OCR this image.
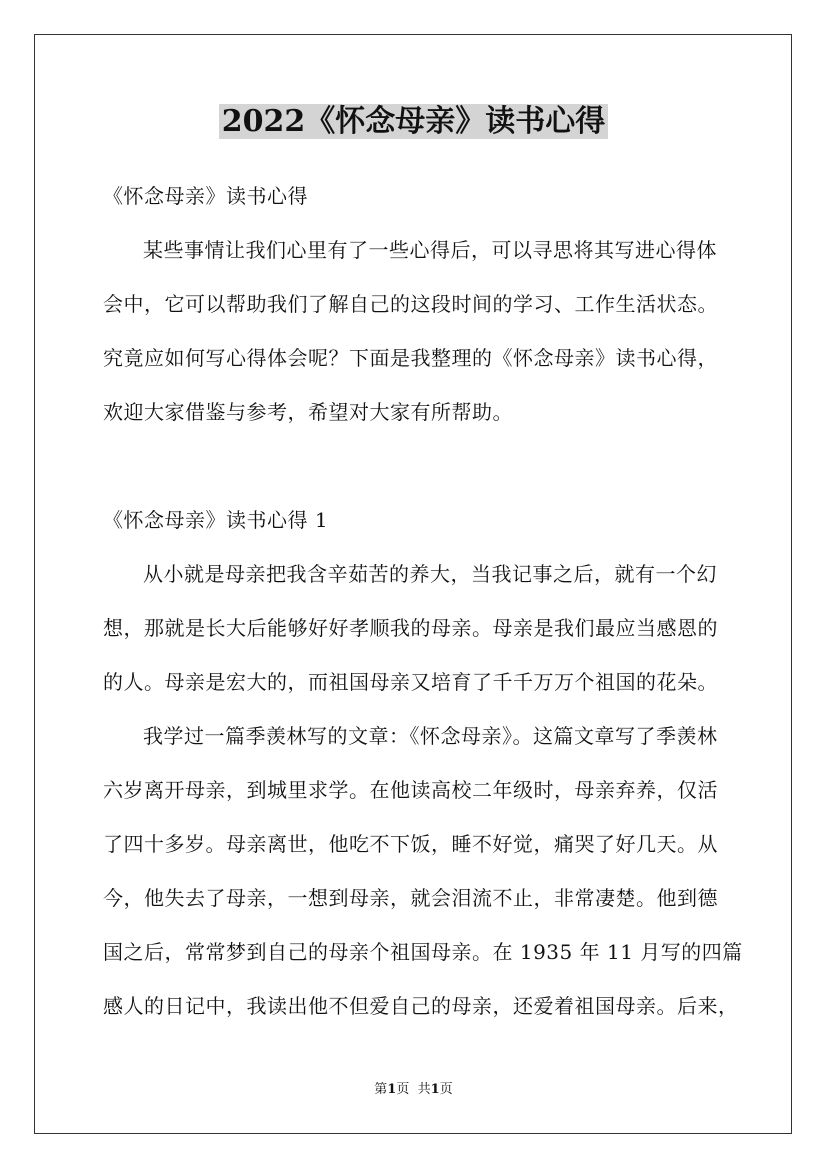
2022《怀念母亲》读书心得
《怀念母亲》读书心得
某些事情让我们心里有了一些心得后，可以寻思将其写进心得体
会中，它可以帮助我们了解自己的这段时间的学习、工作生活状态。
究竟应如何写心得体会呢？下面是我整理的《怀念母亲》读书心得，
欢迎大家借鉴与参考，希望对大家有所帮助。
《怀念母亲》读书心得 1
从小就是母亲把我含辛茹苦的养大，当我记事之后，就有一个幻
想，那就是长大后能够好好孝顺我的母亲。母亲是我们最应当感恩的
的人。母亲是宏大的，而祖国母亲又培育了千千万万个祖国的花朵。
我学过一篇季羡林写的文章：《怀念母亲》。这篇文章写了季羡林
六岁离开母亲，到城里求学。在他读高校二年级时，母亲弃养，仅活
了四十多岁。母亲离世，他吃不下饭，睡不好觉，痛哭了好几天。从
今，他失去了母亲，一想到母亲，就会泪流不止，非常凄楚。他到德
国之后，常常梦到自己的母亲个祖国母亲。在 1935 年 11 月写的四篇
感人的日记中，我读出他不但爱自己的母亲，还爱着祖国母亲。后来，
第1页 共1页
